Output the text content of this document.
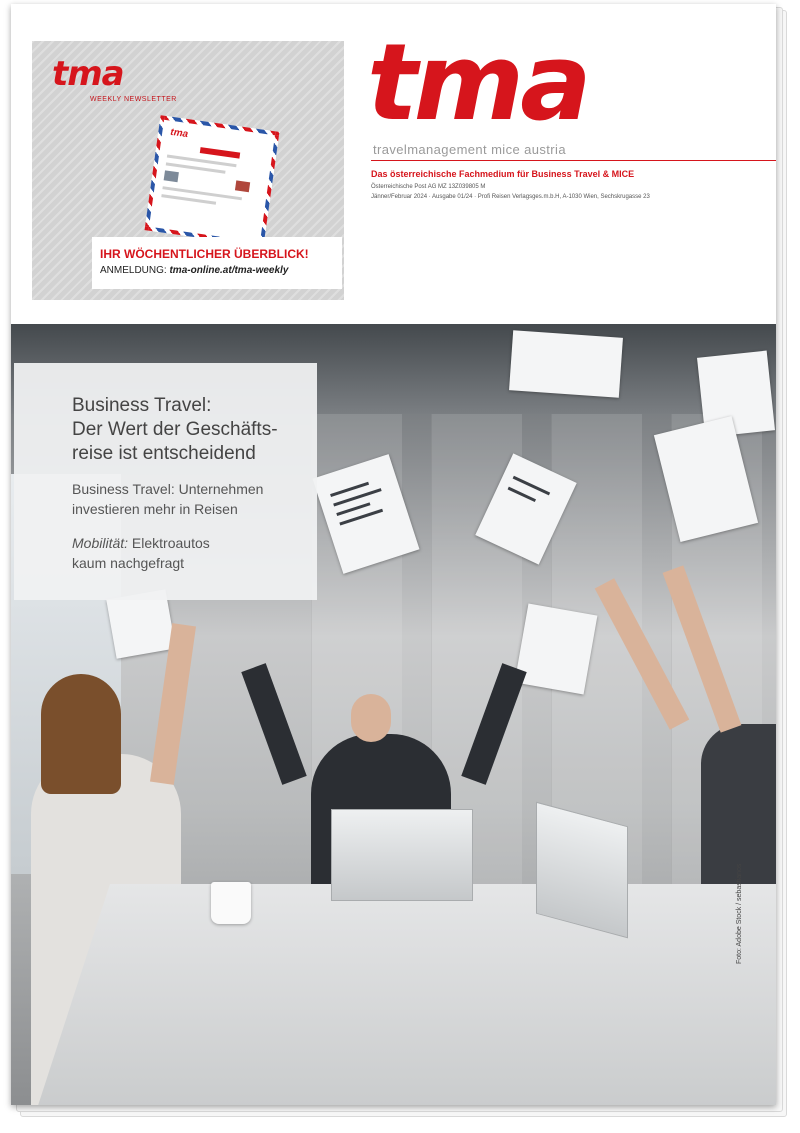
tma
WEEKLY NEWSLETTER
tma
IHR WÖCHENTLICHER ÜBERBLICK!
ANMELDUNG: tma-online.at/tma-weekly
tma
travelmanagement mice austria
Das österreichische Fachmedium für Business Travel & MICE
Österreichische Post AG MZ 13Z039805 M
Jänner/Februar 2024 · Ausgabe 01/24 · Profi Reisen Verlagsges.m.b.H, A-1030 Wien, Sechskrugasse 23
Foto: Adobe Stock / sebastianos
Business Travel:
Der Wert der Geschäfts-
reise ist entscheidend
Business Travel: Unternehmen
investieren mehr in Reisen
Mobilität: Elektroautos
kaum nachgefragt
